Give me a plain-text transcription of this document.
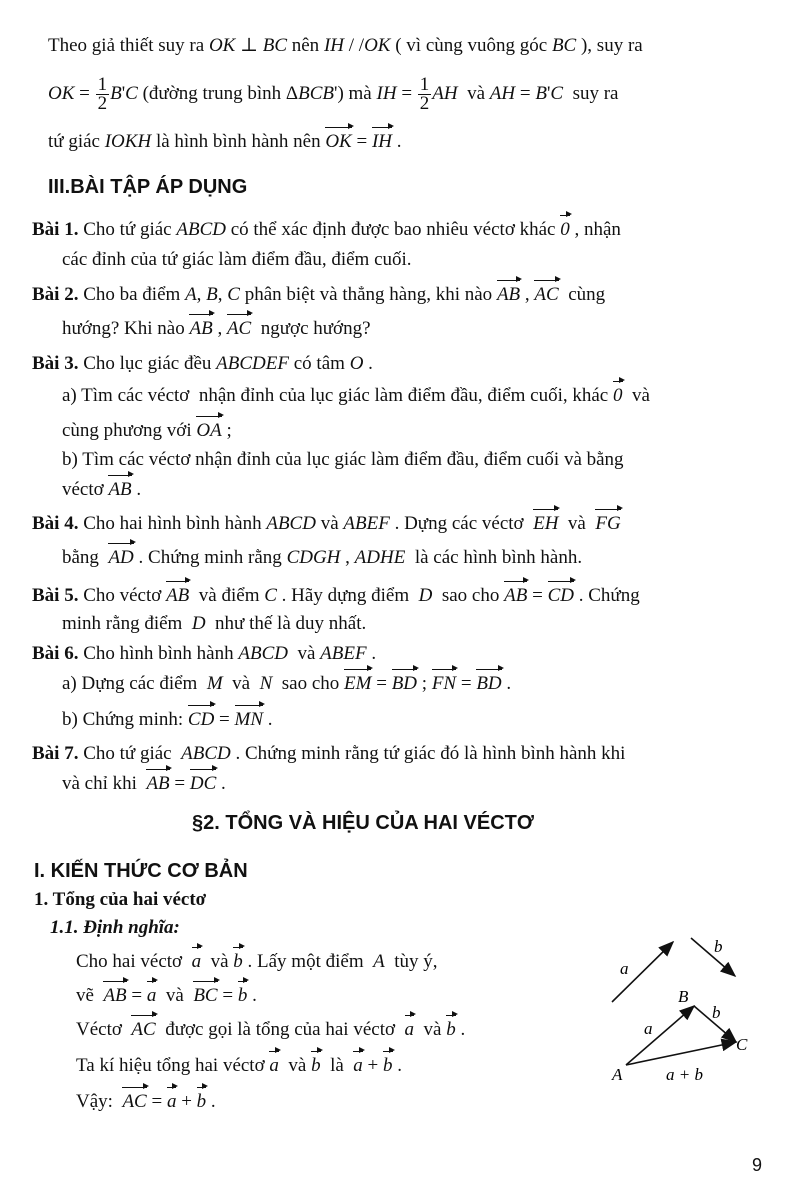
Theo giả thiết suy ra OK ⊥ BC nên IH / /OK ( vì cùng vuông góc BC ), suy ra
OK = $\frac{1}{2} B'C$ (đường trung bình ΔBCB') mà IH = $\frac{1}{2}$ AH  và AH = B'C  suy ra
tứ giác IOKH là hình bình hành nên OK = IH .
III.BÀI TẬP ÁP DỤNG
Bài 1. Cho tứ giác ABCD có thể xác định được bao nhiêu véctơ khác 0 , nhận
các đỉnh của tứ giác làm điểm đầu, điểm cuối.
Bài 2. Cho ba điểm A, B, C phân biệt và thẳng hàng, khi nào AB , AC  cùng
hướng? Khi nào AB , AC  ngược hướng?
Bài 3. Cho lục giác đều ABCDEF có tâm O .
a) Tìm các véctơ  nhận đỉnh của lục giác làm điểm đầu, điểm cuối, khác 0  và
cùng phương với OA ;
b) Tìm các véctơ nhận đỉnh của lục giác làm điểm đầu, điểm cuối và bằng
véctơ AB .
Bài 4. Cho hai hình bình hành ABCD và ABEF . Dựng các véctơ  EH  và  FG
bằng  AD . Chứng minh rằng CDGH , ADHE  là các hình bình hành.
Bài 5. Cho véctơ AB  và điểm C . Hãy dựng điểm  D  sao cho AB = CD . Chứng
minh rằng điểm  D  như thế là duy nhất.
Bài 6. Cho hình bình hành ABCD  và ABEF .
a) Dựng các điểm  M  và  N  sao cho EM = BD ; FN = BD .
b) Chứng minh: CD = MN .
Bài 7. Cho tứ giác  ABCD . Chứng minh rằng tứ giác đó là hình bình hành khi
và chỉ khi  AB = DC .
§2. TỔNG VÀ HIỆU CỦA HAI VÉCTƠ
I. KIẾN THỨC CƠ BẢN
1. Tổng của hai véctơ
1.1. Định nghĩa:
Cho hai véctơ  a  và b . Lấy một điểm  A  tùy ý,
vẽ  AB = a  và  BC = b .
Véctơ  AC  được gọi là tổng của hai véctơ  a  và b .
Ta kí hiệu tổng hai véctơ a  và b  là  a + b .
Vậy:  AC = a + b .
a
b
A
B
C
a
b
a + b
9
